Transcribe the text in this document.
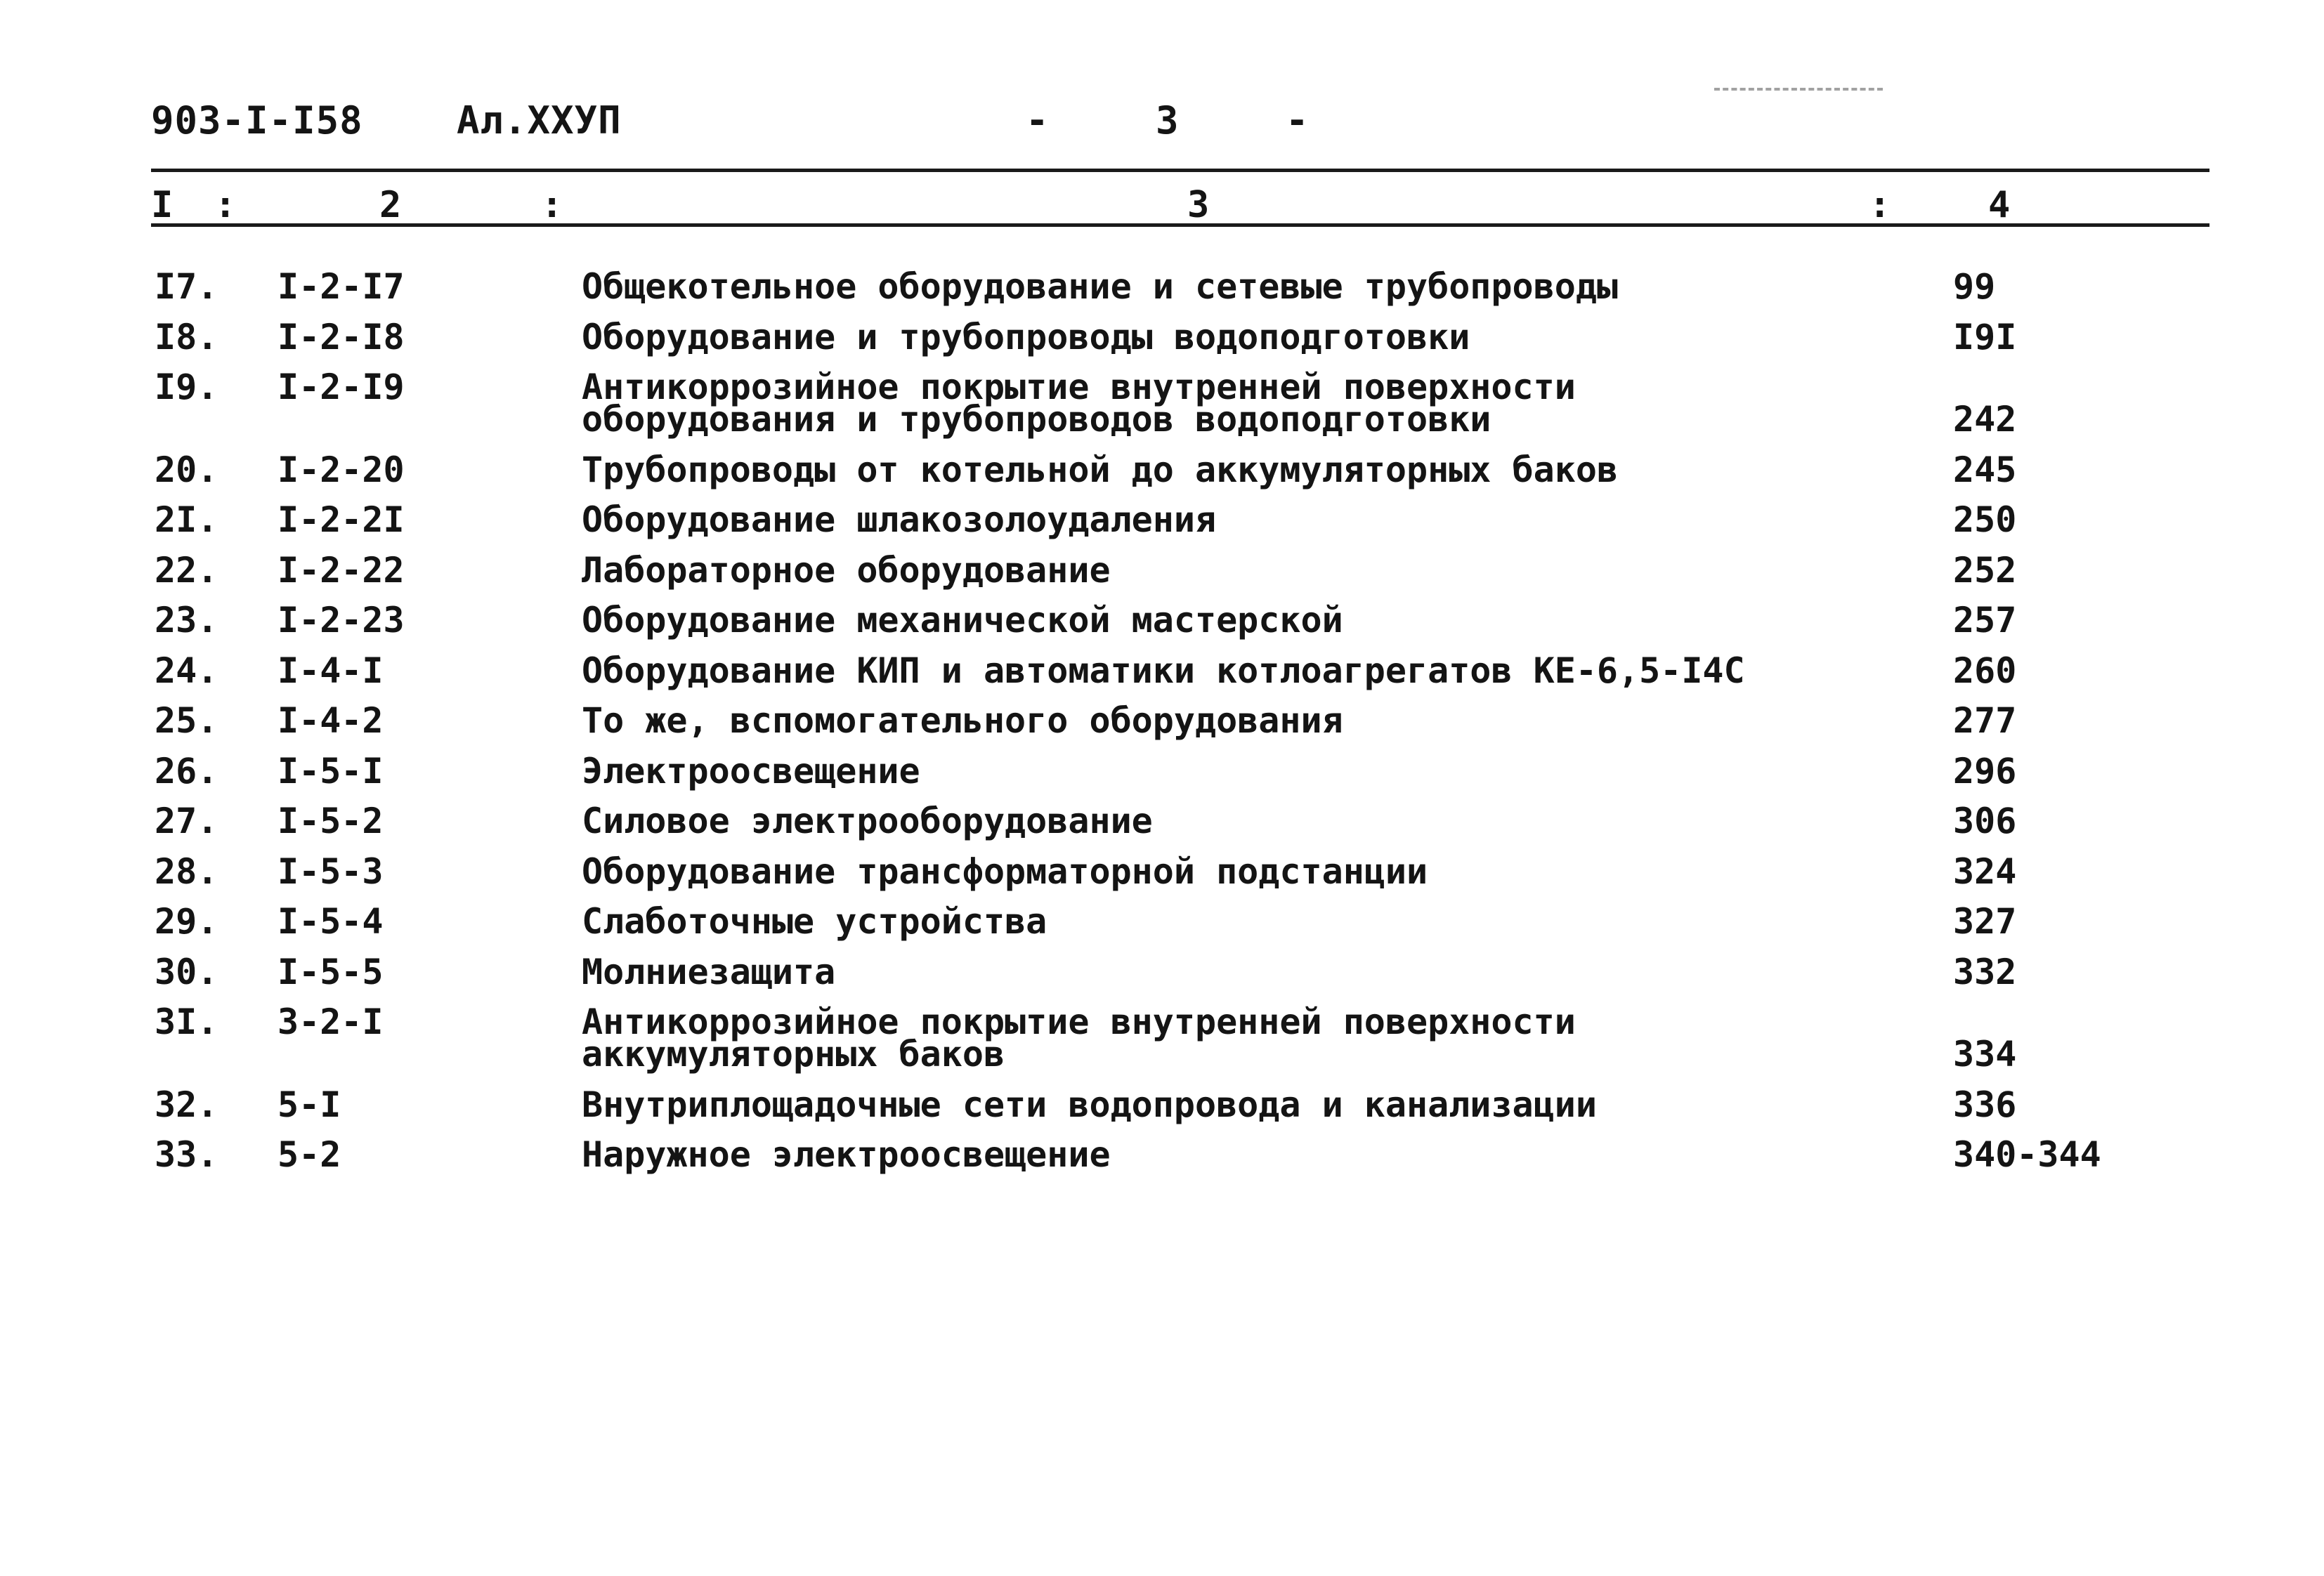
903-I-I58 Ал.ХХУП	- 3 -
I :	2	:	3	:	4
I7. I-2-I7	Общекотельное оборудование и сетевые трубопроводы	99
I8. I-2-I8	Оборудование и трубопроводы водоподготовки	I9I
I9. I-2-I9	Антикоррозийное покрытие внутренней поверхности
оборудования и трубопроводов водоподготовки	242
20. I-2-20	Трубопроводы от котельной до аккумуляторных баков	245
2I. I-2-2I	Оборудование шлакозолоудаления	250
22. I-2-22	Лабораторное оборудование	252
23. I-2-23	Оборудование механической мастерской	257
24. I-4-I	Оборудование КИП и автоматики котлоагрегатов КЕ-6,5-I4С	260
25. I-4-2	То же, вспомогательного оборудования	277
26. I-5-I	Электроосвещение	296
27. I-5-2	Силовое электрооборудование	306
28. I-5-3	Оборудование трансформаторной подстанции	324
29. I-5-4	Слаботочные устройства	327
30. I-5-5	Молниезащита	332
3I. 3-2-I	Антикоррозийное покрытие внутренней поверхности
аккумуляторных баков	334
32. 5-I	Внутриплощадочные сети водопровода и канализации	336
33. 5-2	Наружное электроосвещение	340-344
